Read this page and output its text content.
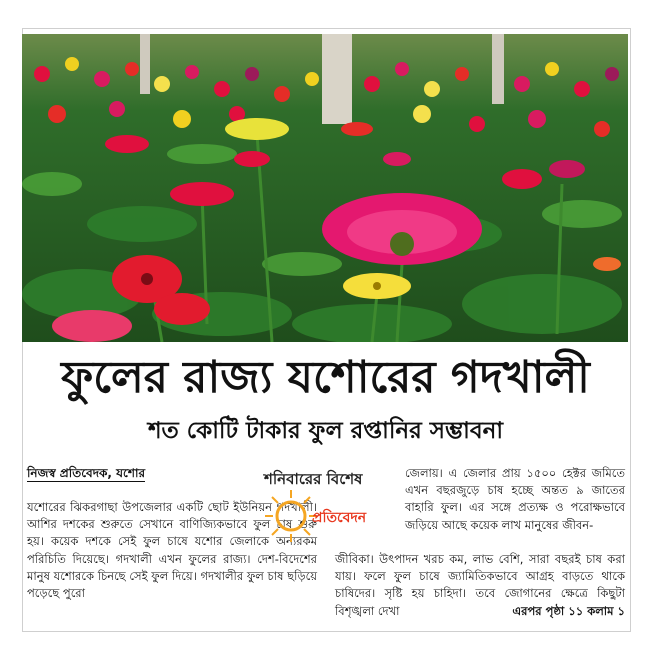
ফুলের রাজ্য যশোরের গদখালী
শত কোটি টাকার ফুল রপ্তানির সম্ভাবনা
নিজস্ব প্রতিবেদক, যশোর

যশোরের ঝিকরগাছা উপজেলার একটি ছোট ইউনিয়ন গদখালী। আশির দশকের শুরুতে সেখানে বাণিজ্যিকভাবে ফুল চাষ শুরু হয়। কয়েক দশকে সেই ফুল চাষে যশোর জেলাকে অন্যরকম পরিচিতি দিয়েছে। গদখালী এখন ফুলের রাজ্য। দেশ-বিদেশের মানুষ যশোরকে চিনছে সেই ফুল দিয়ে। গদখালীর ফুল চাষ ছড়িয়ে পড়েছে পুরো

শনিবারের বিশেষ
প্রতিবেদন

জেলায়। এ জেলার প্রায় ১৫০০ হেক্টর জমিতে এখন বছরজুড়ে চাষ হচ্ছে অন্তত ৯ জাতের বাহারি ফুল। এর সঙ্গে প্রত্যক্ষ ও পরোক্ষভাবে জড়িয়ে আছে কয়েক লাখ মানুষের জীবন-

জীবিকা। উৎপাদন খরচ কম, লাভ বেশি, সারা বছরই চাষ করা যায়। ফলে ফুল চাষে জ্যামিতিকভাবে আগ্রহ বাড়তে থাকে চাষিদের। সৃষ্টি হয় চাহিদা। তবে জোগানের ক্ষেত্রে কিছুটা বিশৃঙ্খলা দেখা	এরপর পৃষ্ঠা ১১ কলাম ১
